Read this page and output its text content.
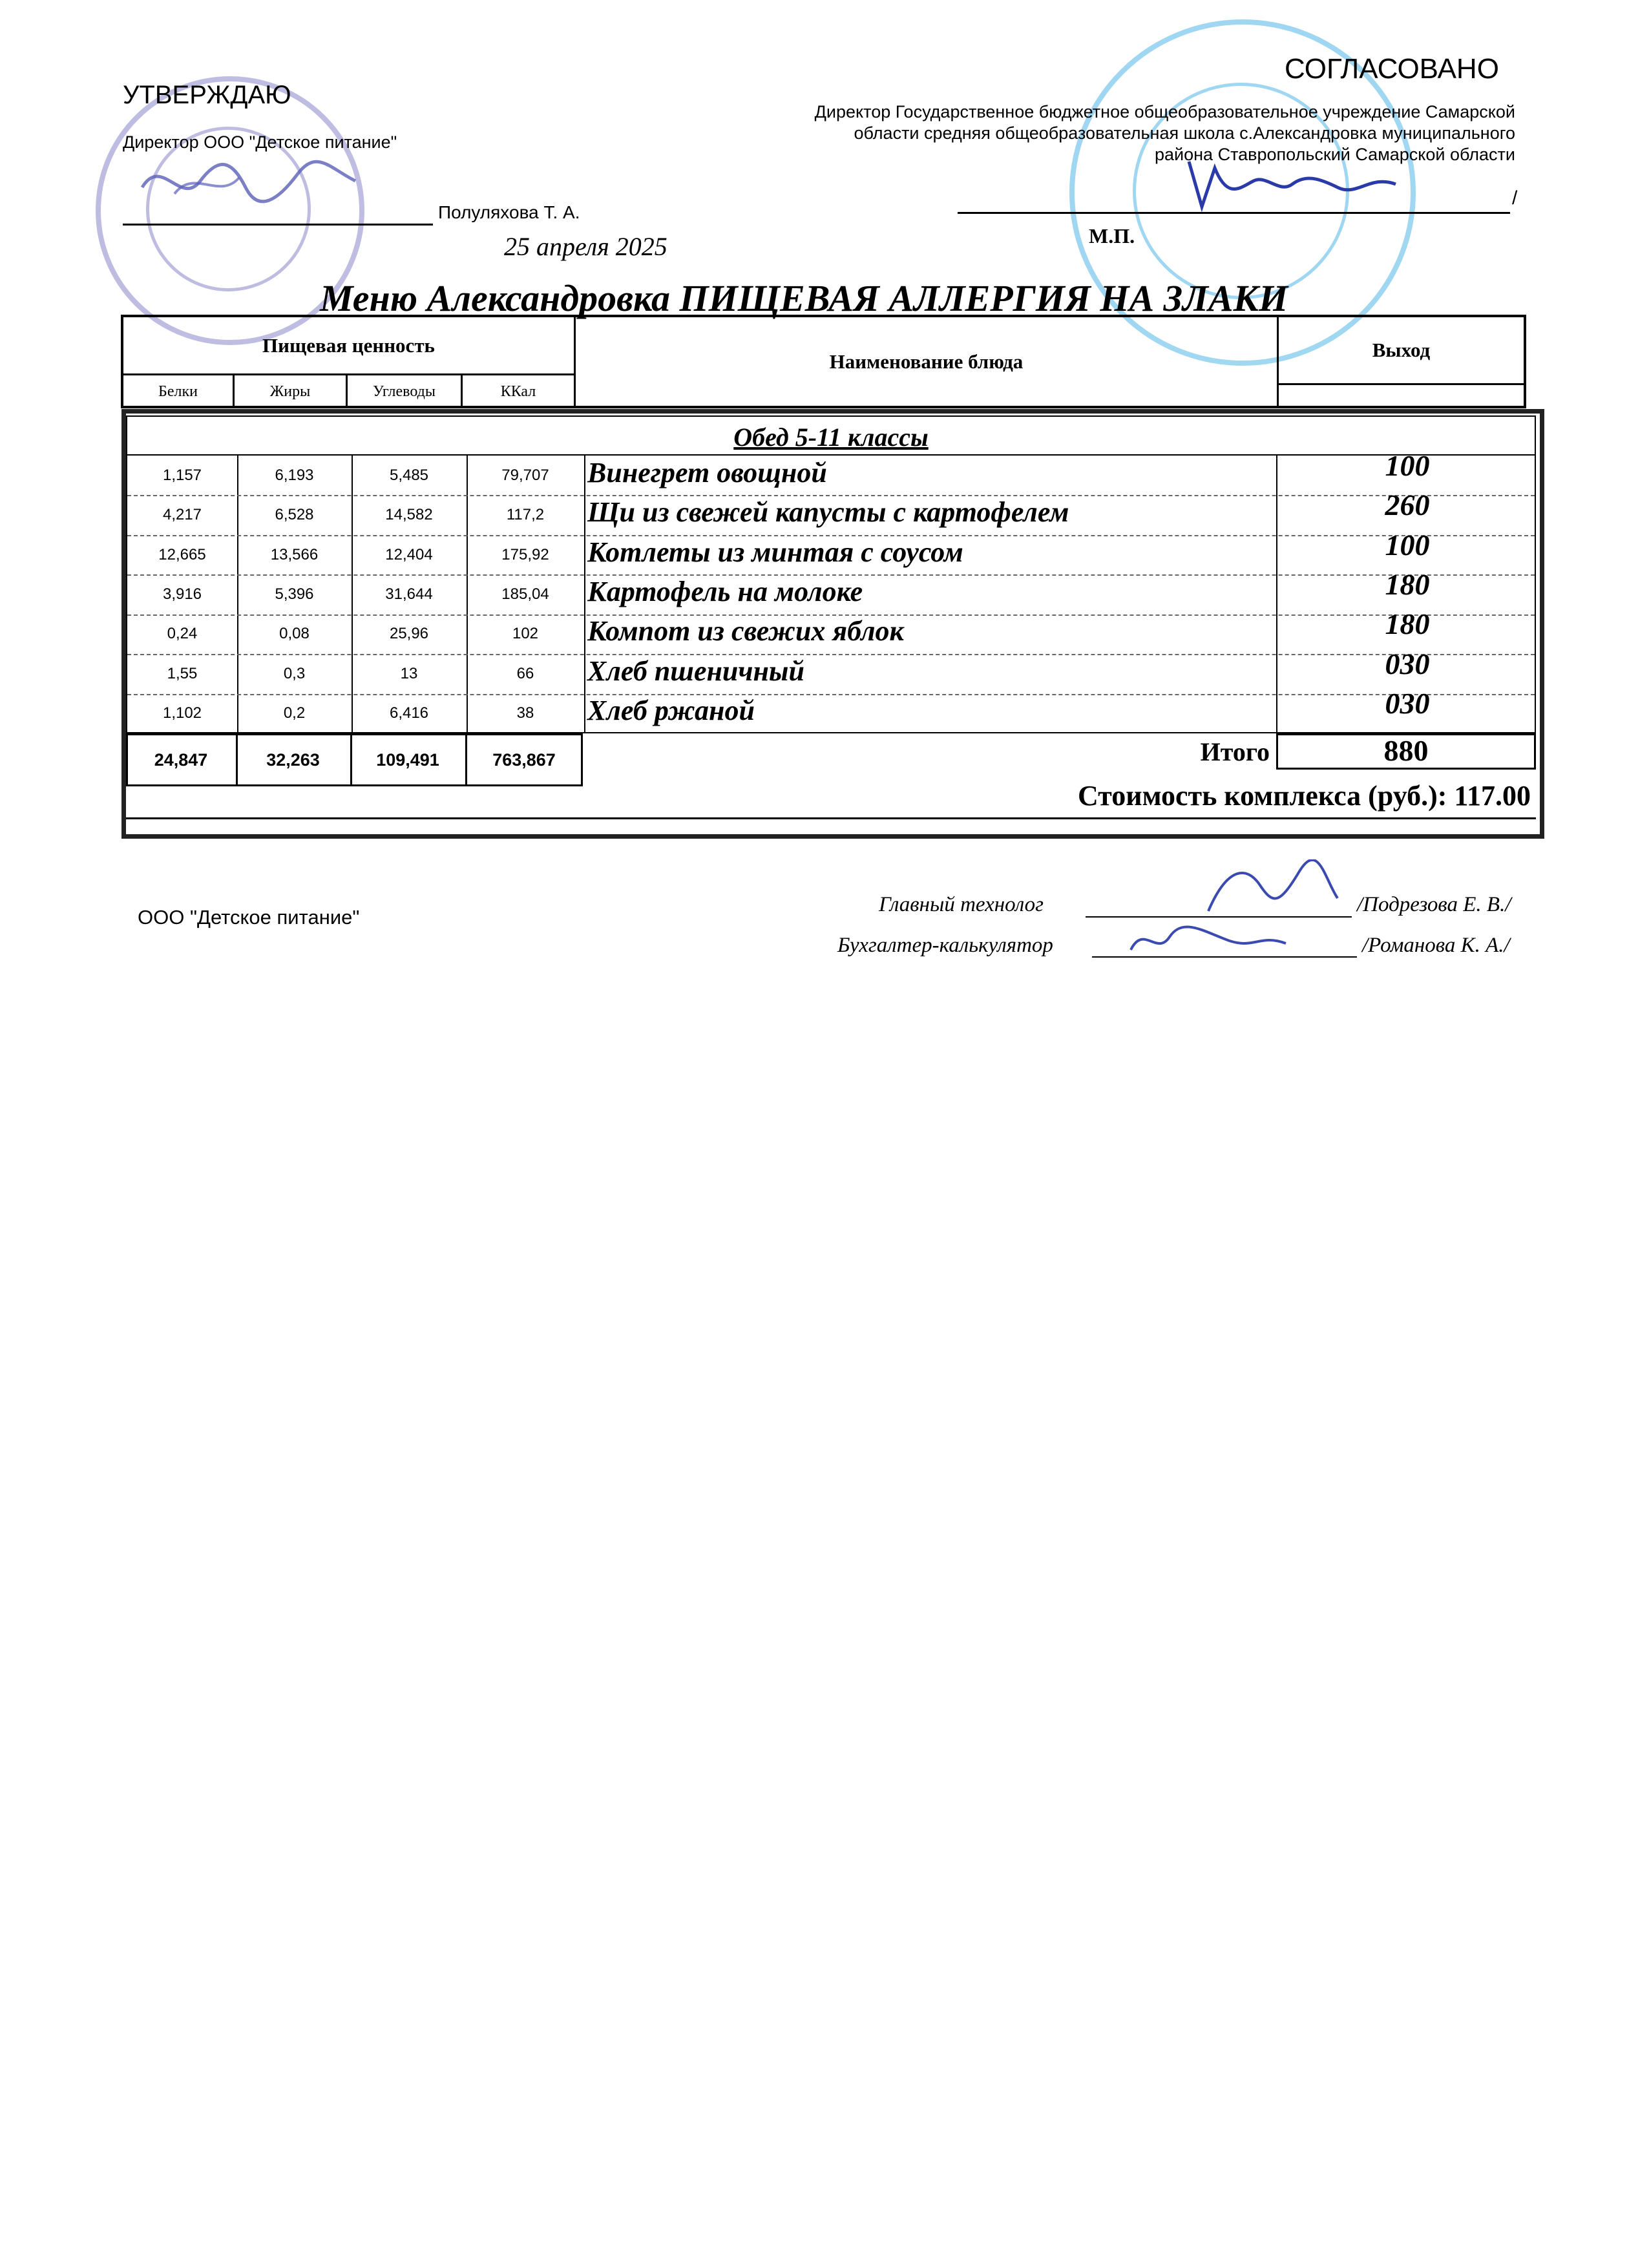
УТВЕРЖДАЮ
Директор ООО "Детское питание"
Полуляхова Т. А.
25 апреля 2025
СОГЛАСОВАНО
Директор Государственное бюджетное общеобразовательное учреждение Самарской
области средняя общеобразовательная школа с.Александровка муниципального
района Ставропольский Самарской области
/
М.П.
Меню Александровка ПИЩЕВАЯ АЛЛЕРГИЯ НА ЗЛАКИ
Пищевая ценность
Белки	Жиры	Углеводы	ККал
Наименование блюда	Выход
Обед 5-11 классы
1,157	6,193	5,485	79,707	Винегрет овощной	100
4,217	6,528	14,582	117,2	Щи из свежей капусты с картофелем	260
12,665	13,566	12,404	175,92	Котлеты из минтая с соусом	100
3,916	5,396	31,644	185,04	Картофель на молоке	180
0,24	0,08	25,96	102	Компот из свежих яблок	180
1,55	0,3	13	66	Хлеб пшеничный	030
1,102	0,2	6,416	38	Хлеб ржаной	030
24,847	32,263	109,491	763,867	Итого	880
Стоимость комплекса (руб.): 117.00
ООО "Детское питание"
Главный технолог	/Подрезова Е. В./
Бухгалтер-калькулятор	/Романова К. А./
